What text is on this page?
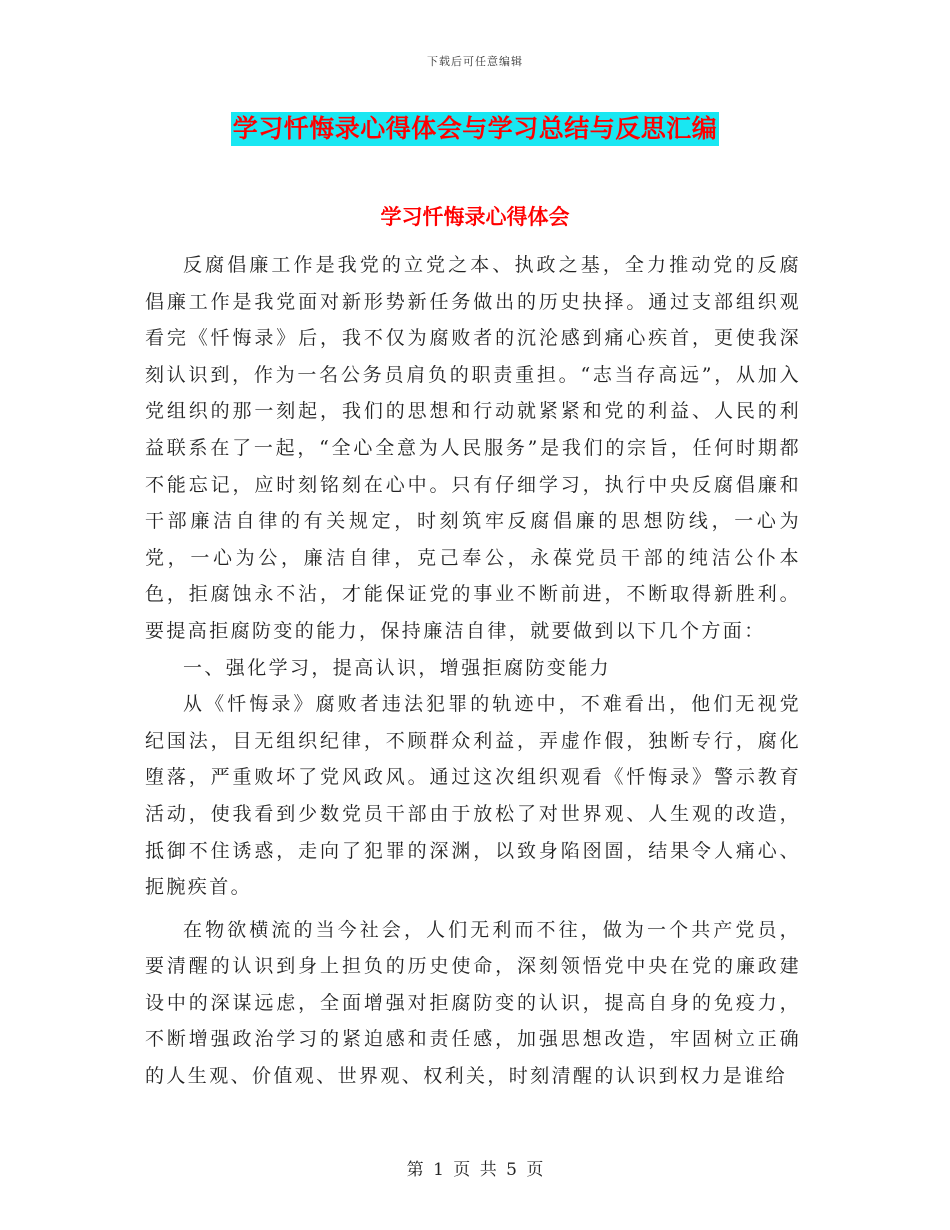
下载后可任意编辑
学习忏悔录心得体会与学习总结与反思汇编
学习忏悔录心得体会

反腐倡廉工作是我党的立党之本、执政之基，全力推动党的反腐倡廉工作是我党面对新形势新任务做出的历史抉择。通过支部组织观看完《忏悔录》后，我不仅为腐败者的沉沦感到痛心疾首，更使我深刻认识到，作为一名公务员肩负的职责重担。“志当存高远”，从加入党组织的那一刻起，我们的思想和行动就紧紧和党的利益、人民的利益联系在了一起，“全心全意为人民服务”是我们的宗旨，任何时期都不能忘记，应时刻铭刻在心中。只有仔细学习，执行中央反腐倡廉和干部廉洁自律的有关规定，时刻筑牢反腐倡廉的思想防线，一心为党，一心为公，廉洁自律，克己奉公，永葆党员干部的纯洁公仆本色，拒腐蚀永不沾，才能保证党的事业不断前进，不断取得新胜利。要提高拒腐防变的能力，保持廉洁自律，就要做到以下几个方面：

一、强化学习，提高认识，增强拒腐防变能力

从《忏悔录》腐败者违法犯罪的轨迹中，不难看出，他们无视党纪国法，目无组织纪律，不顾群众利益，弄虚作假，独断专行，腐化堕落，严重败坏了党风政风。通过这次组织观看《忏悔录》警示教育活动，使我看到少数党员干部由于放松了对世界观、人生观的改造，抵御不住诱惑，走向了犯罪的深渊，以致身陷囹圄，结果令人痛心、扼腕疾首。

在物欲横流的当今社会，人们无利而不往，做为一个共产党员，要清醒的认识到身上担负的历史使命，深刻领悟党中央在党的廉政建设中的深谋远虑，全面增强对拒腐防变的认识，提高自身的免疫力，不断增强政治学习的紧迫感和责任感，加强思想改造，牢固树立正确的人生观、价值观、世界观、权利关，时刻清醒的认识到权力是谁给

第 1 页 共 5 页
